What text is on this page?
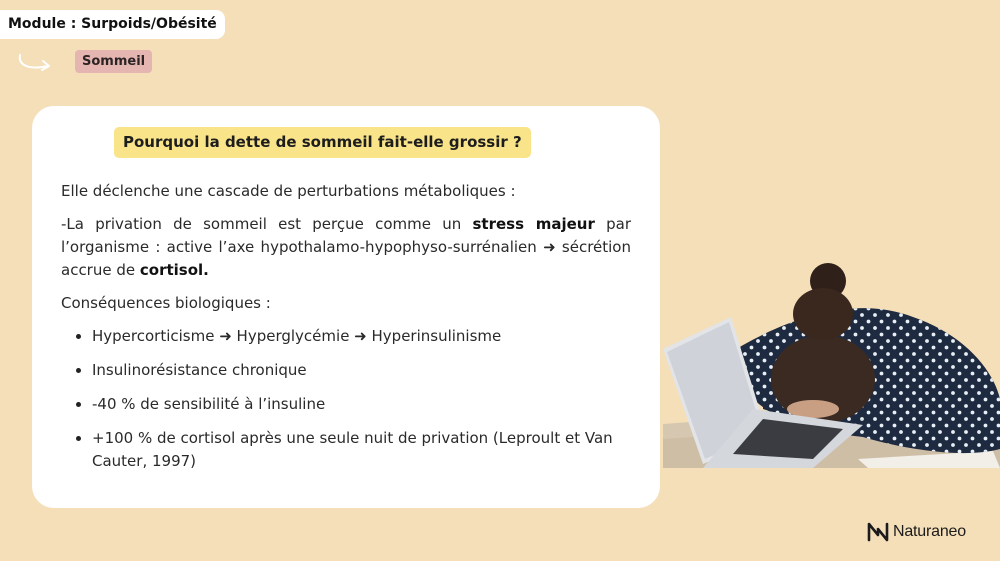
Module : Surpoids/Obésité
Sommeil
Pourquoi la dette de sommeil fait-elle grossir ?

Elle déclenche une cascade de perturbations métaboliques :

-La privation de sommeil est perçue comme un stress majeur par l’organisme : active l’axe hypothalamo-hypophyso-surrénalien ➜ sécrétion accrue de cortisol.

Conséquences biologiques :

Hypercorticisme ➜ Hyperglycémie ➜ Hyperinsulinisme
Insulinorésistance chronique
-40 % de sensibilité à l’insuline
+100 % de cortisol après une seule nuit de privation (Leproult et Van Cauter, 1997)
Naturaneo
